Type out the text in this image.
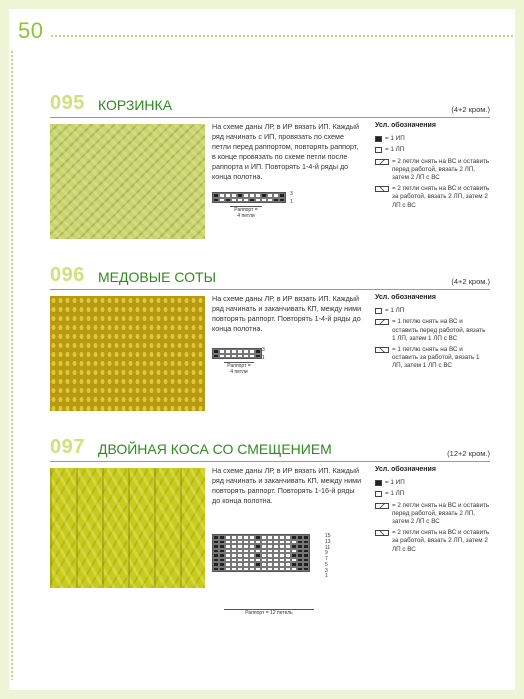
50
095 КОРЗИНКА	(4+2 кром.)
На схеме даны ЛР, в ИР вязать ИП. Каждый ряд начинать с ИП, провязать по схеме петли перед раппортом, повторять раппорт, в конце провязать по схеме петли после раппорта и ИП. Повторять 1-4-й ряды до конца полотна.
3
1
Раппорт =
4 петли
Усл. обозначения
= 1 ИП
= 1 ЛП
= 2 петли снять на ВС и оставить перед работой, вязать 2 ЛП, затем 2 ЛП с ВС
= 2 петли снять на ВС и оставить за работой, вязать 2 ЛП, затем 2 ЛП с ВС
096 МЕДОВЫЕ СОТЫ	(4+2 кром.)
На схеме даны ЛР, в ИР вязать ИП. Каждый ряд начинать и заканчивать КП, между ними повторять раппорт. Повторять 1-4-й ряды до конца полотна.
3
1
Раппорт =
4 петли
Усл. обозначения
= 1 ЛП
= 1 петлю снять на ВС и оставить перед работой, вязать 1 ЛП, затем 1 ЛП с ВС
= 1 петлю снять на ВС и оставить за работой, вязать 1 ЛП, затем 1 ЛП с ВС
097 ДВОЙНАЯ КОСА СО СМЕЩЕНИЕМ	(12+2 кром.)
На схеме даны ЛР, в ИР вязать ИП. Каждый ряд начинать и заканчивать КП, между ними повторять раппорт. Повторять 1-16-й ряды до конца полотна.
15
13
11
9
7
5
3
1
Раппорт = 12 петель
Усл. обозначения
= 1 ИП
= 1 ЛП
= 2 петли снять на ВС и оставить перед работой, вязать 2 ЛП, затем 2 ЛП с ВС
= 2 петли снять на ВС и оставить за работой, вязать 2 ЛП, затем 2 ЛП с ВС
